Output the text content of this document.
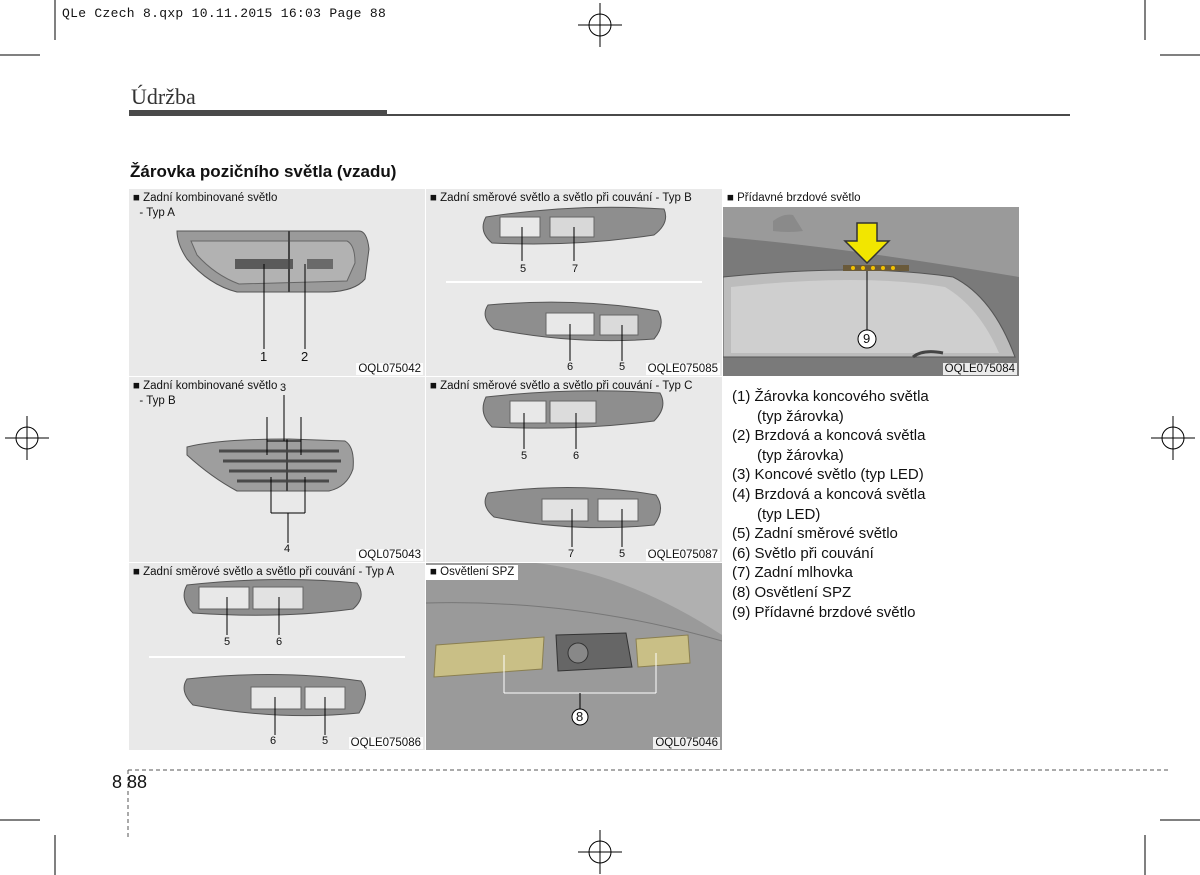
QLe Czech 8.qxp 10.11.2015 16:03 Page 88
Údržba
Žárovka pozičního světla (vzadu)
■ Zadní kombinované světlo
- Typ A
1	2
OQL075042
■ Zadní směrové světlo a světlo při couvání - Typ B
5	7
6	5 OQLE075085
■ Přídavné brzdové světlo
9
OQLE075084
■ Zadní kombinované světlo
- Typ B
3
4	OQL075043
■ Zadní směrové světlo a světlo při couvání - Typ C
5	6
7	5 OQLE075087
■ Zadní směrové světlo a světlo při couvání - Typ A
5	6
6	5 OQLE075086
■ Osvětlení SPZ
8
OQL075046
(1) Žárovka koncového světla
(typ žárovka)
(2) Brzdová a koncová světla
(typ žárovka)
(3) Koncové světlo (typ LED)
(4) Brzdová a koncová světla
(typ LED)
(5) Zadní směrové světlo
(6) Světlo při couvání
(7) Zadní mlhovka
(8) Osvětlení SPZ
(9) Přídavné brzdové světlo
8 88
